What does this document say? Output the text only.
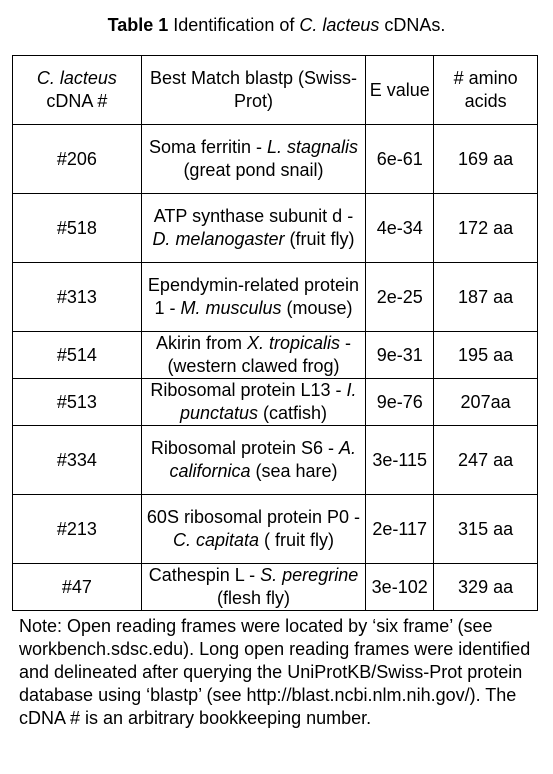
Table 1 Identification of C. lacteus cDNAs.
C. lacteus
cDNA #	Best Match blastp (Swiss-Prot)	E value	# amino acids
#206	Soma ferritin - L. stagnalis (great pond snail)	6e-61	169 aa
#518	ATP synthase subunit d - D. melanogaster (fruit fly)	4e-34	172 aa
#313	Ependymin-related protein 1 - M. musculus (mouse)	2e-25	187 aa
#514	Akirin from X. tropicalis - (western clawed frog)	9e-31	195 aa
#513	Ribosomal protein L13 - I. punctatus (catfish)	9e-76	207aa
#334	Ribosomal protein S6 - A. californica (sea hare)	3e-115	247 aa
#213	60S ribosomal protein P0 - C. capitata ( fruit fly)	2e-117	315 aa
#47	Cathespin L - S. peregrine (flesh fly)	3e-102	329 aa
Note: Open reading frames were located by ‘six frame’ (see workbench.sdsc.edu). Long open reading frames were identified and delineated after querying the UniProtKB/Swiss-Prot protein database using ‘blastp’ (see http://blast.ncbi.nlm.nih.gov/). The cDNA # is an arbitrary bookkeeping number.
